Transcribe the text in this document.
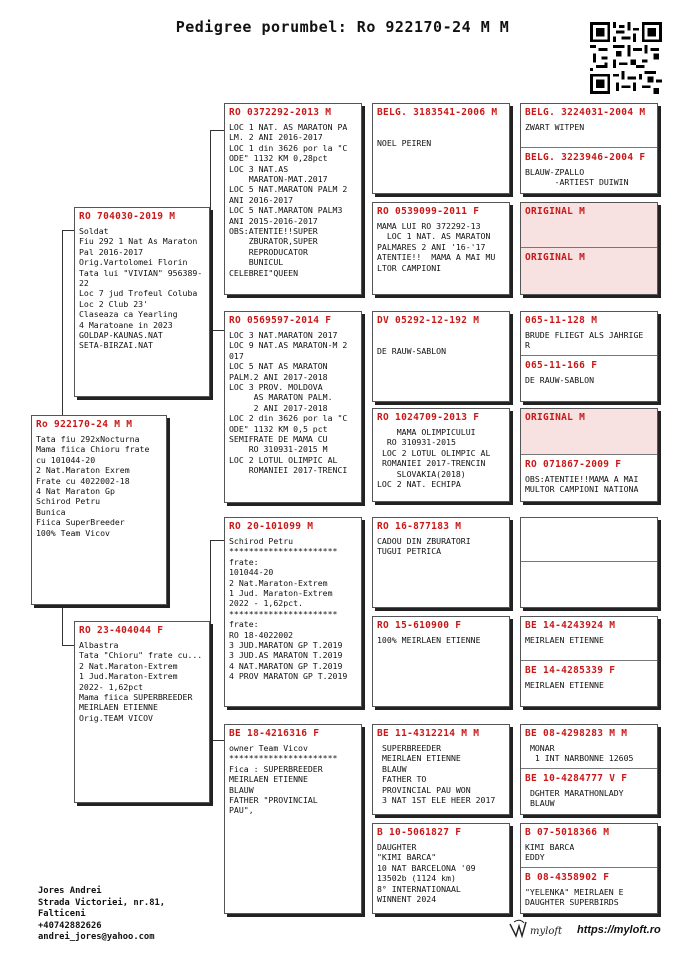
Pedigree porumbel: Ro 922170-24 M M
Ro 922170-24 M M
Tata fiu 292xNocturna
Mama fiica Chioru frate cu 101044-20
2 Nat.Maraton Exrem
Frate cu 4022002-18
4 Nat Maraton Gp
Schirod Petru
Bunica
Fiica SuperBreeder
100% Team Vicov
RO 704030-2019 M
Soldat
Fiu 292 1 Nat As Maraton Pal 2016-2017
Orig.Vartolomei Florin
Tata lui "VIVIAN" 956389-22
Loc 7 jud Trofeul Coluba
Loc 2 Club 23'
Claseaza ca Yearling
4 Maratoane in 2023
GOLDAP-KAUNAS.NAT
SETA-BIRZAI.NAT
RO 23-404044 F
Albastra
Tata "Chioru" frate cu...
2 Nat.Maraton-Extrem
1 Jud.Maraton-Extrem 2022- 1,62pct
Mama fiica SUPERBREEDER
MEIRLAEN ETIENNE
Orig.TEAM VICOV
RO 0372292-2013 M
LOC 1 NAT. AS MARATON PA LM. 2 ANI 2016-2017
LOC 1 din 3626 por la "C ODE" 1132 KM 0,28pct
LOC 3 NAT.AS
MARATON-MAT.2017
LOC 5 NAT.MARATON PALM 2 ANI 2016-2017
LOC 5 NAT.MARATON PALM3 ANI 2015-2016-2017
OBS:ATENTIE!!SUPER
ZBURATOR,SUPER
REPRODUCATOR
BUNICUL CELEBREI"QUEEN
RO 0569597-2014 F
LOC 3 NAT.MARATON 2017
LOC 9 NAT.AS MARATON-M 2 017
LOC 5 NAT AS MARATON PALM.2 ANI 2017-2018
LOC 3 PROV. MOLDOVA
AS MARATON PALM.
2 ANI 2017-2018
LOC 2 din 3626 por la "C ODE" 1132 KM 0,5 pct
SEMIFRATE DE MAMA CU
RO 310931-2015 M
LOC 2 LOTUL OLIMPIC AL
ROMANIEI 2017-TRENCI
RO 20-101099 M
Schirod Petru
**********************
frate:
101044-20
2 Nat.Maraton-Extrem
1 Jud. Maraton-Extrem 2022 - 1,62pct.
**********************
frate:
RO 18-4022002
3 JUD.MARATON GP T.2019
3 JUD.AS MARATON T.2019
4 NAT.MARATON GP T.2019
4 PROV MARATON GP T.2019
BE 18-4216316 F
owner Team Vicov
**********************
Fica : SUPERBREEDER
MEIRLAEN ETIENNE
BLAUW
FATHER "PROVINCIAL
PAU",
BELG. 3183541-2006 M
NOEL PEIREN
RO 0539099-2011 F
MAMA LUI RO 372292-13
LOC 1 NAT. AS MARATON
PALMARES 2 ANI '16-'17
ATENTIE!!  MAMA A MAI MU LTOR CAMPIONI
DV 05292-12-192 M
DE RAUW-SABLON
RO 1024709-2013 F
MAMA OLIMPICULUI
RO 310931-2015
LOC 2 LOTUL OLIMPIC AL
ROMANIEI 2017-TRENCIN
SLOVAKIA(2018)
LOC 2 NAT. ECHIPA
RO 16-877183 M
CADOU DIN ZBURATORI
TUGUI PETRICA
RO 15-610900 F
100% MEIRLAEN ETIENNE
BE 11-4312214 M M
SUPERBREEDER
MEIRLAEN ETIENNE
BLAUW
FATHER TO
PROVINCIAL PAU WON
3 NAT 1ST ELE HEER 2017
B 10-5061827 F
DAUGHTER
"KIMI BARCA"
10 NAT BARCELONA '09
13502b (1124 km)
8° INTERNATIONAAL
WINNENT 2024
BELG. 3224031-2004 M
ZWART WITPEN
BELG. 3223946-2004 F
BLAUW-ZPALLO
-ARTIEST DUIWIN
ORIGINAL M
ORIGINAL M
065-11-128 M
BRUDE FLIEGT ALS JAHRIGE R
065-11-166 F
DE RAUW-SABLON
ORIGINAL M
RO 071867-2009 F
OBS:ATENTIE!!MAMA A MAI MULTOR CAMPIONI NATIONA
BE 14-4243924 M
MEIRLAEN ETIENNE
BE 14-4285339 F
MEIRLAEN ETIENNE
BE 08-4298283 M M
MONAR
1 INT NARBONNE 12605
BE 10-4284777 V F
DGHTER MARATHONLADY
BLAUW
B 07-5018366 M
KIMI BARCA
EDDY
B 08-4358902 F
"YELENKA" MEIRLAEN E
DAUGHTER SUPERBIRDS
Jores Andrei
Strada Victoriei, nr.81,
Falticeni
+40742882626
andrei_jores@yahoo.com	myloft https://myloft.ro
